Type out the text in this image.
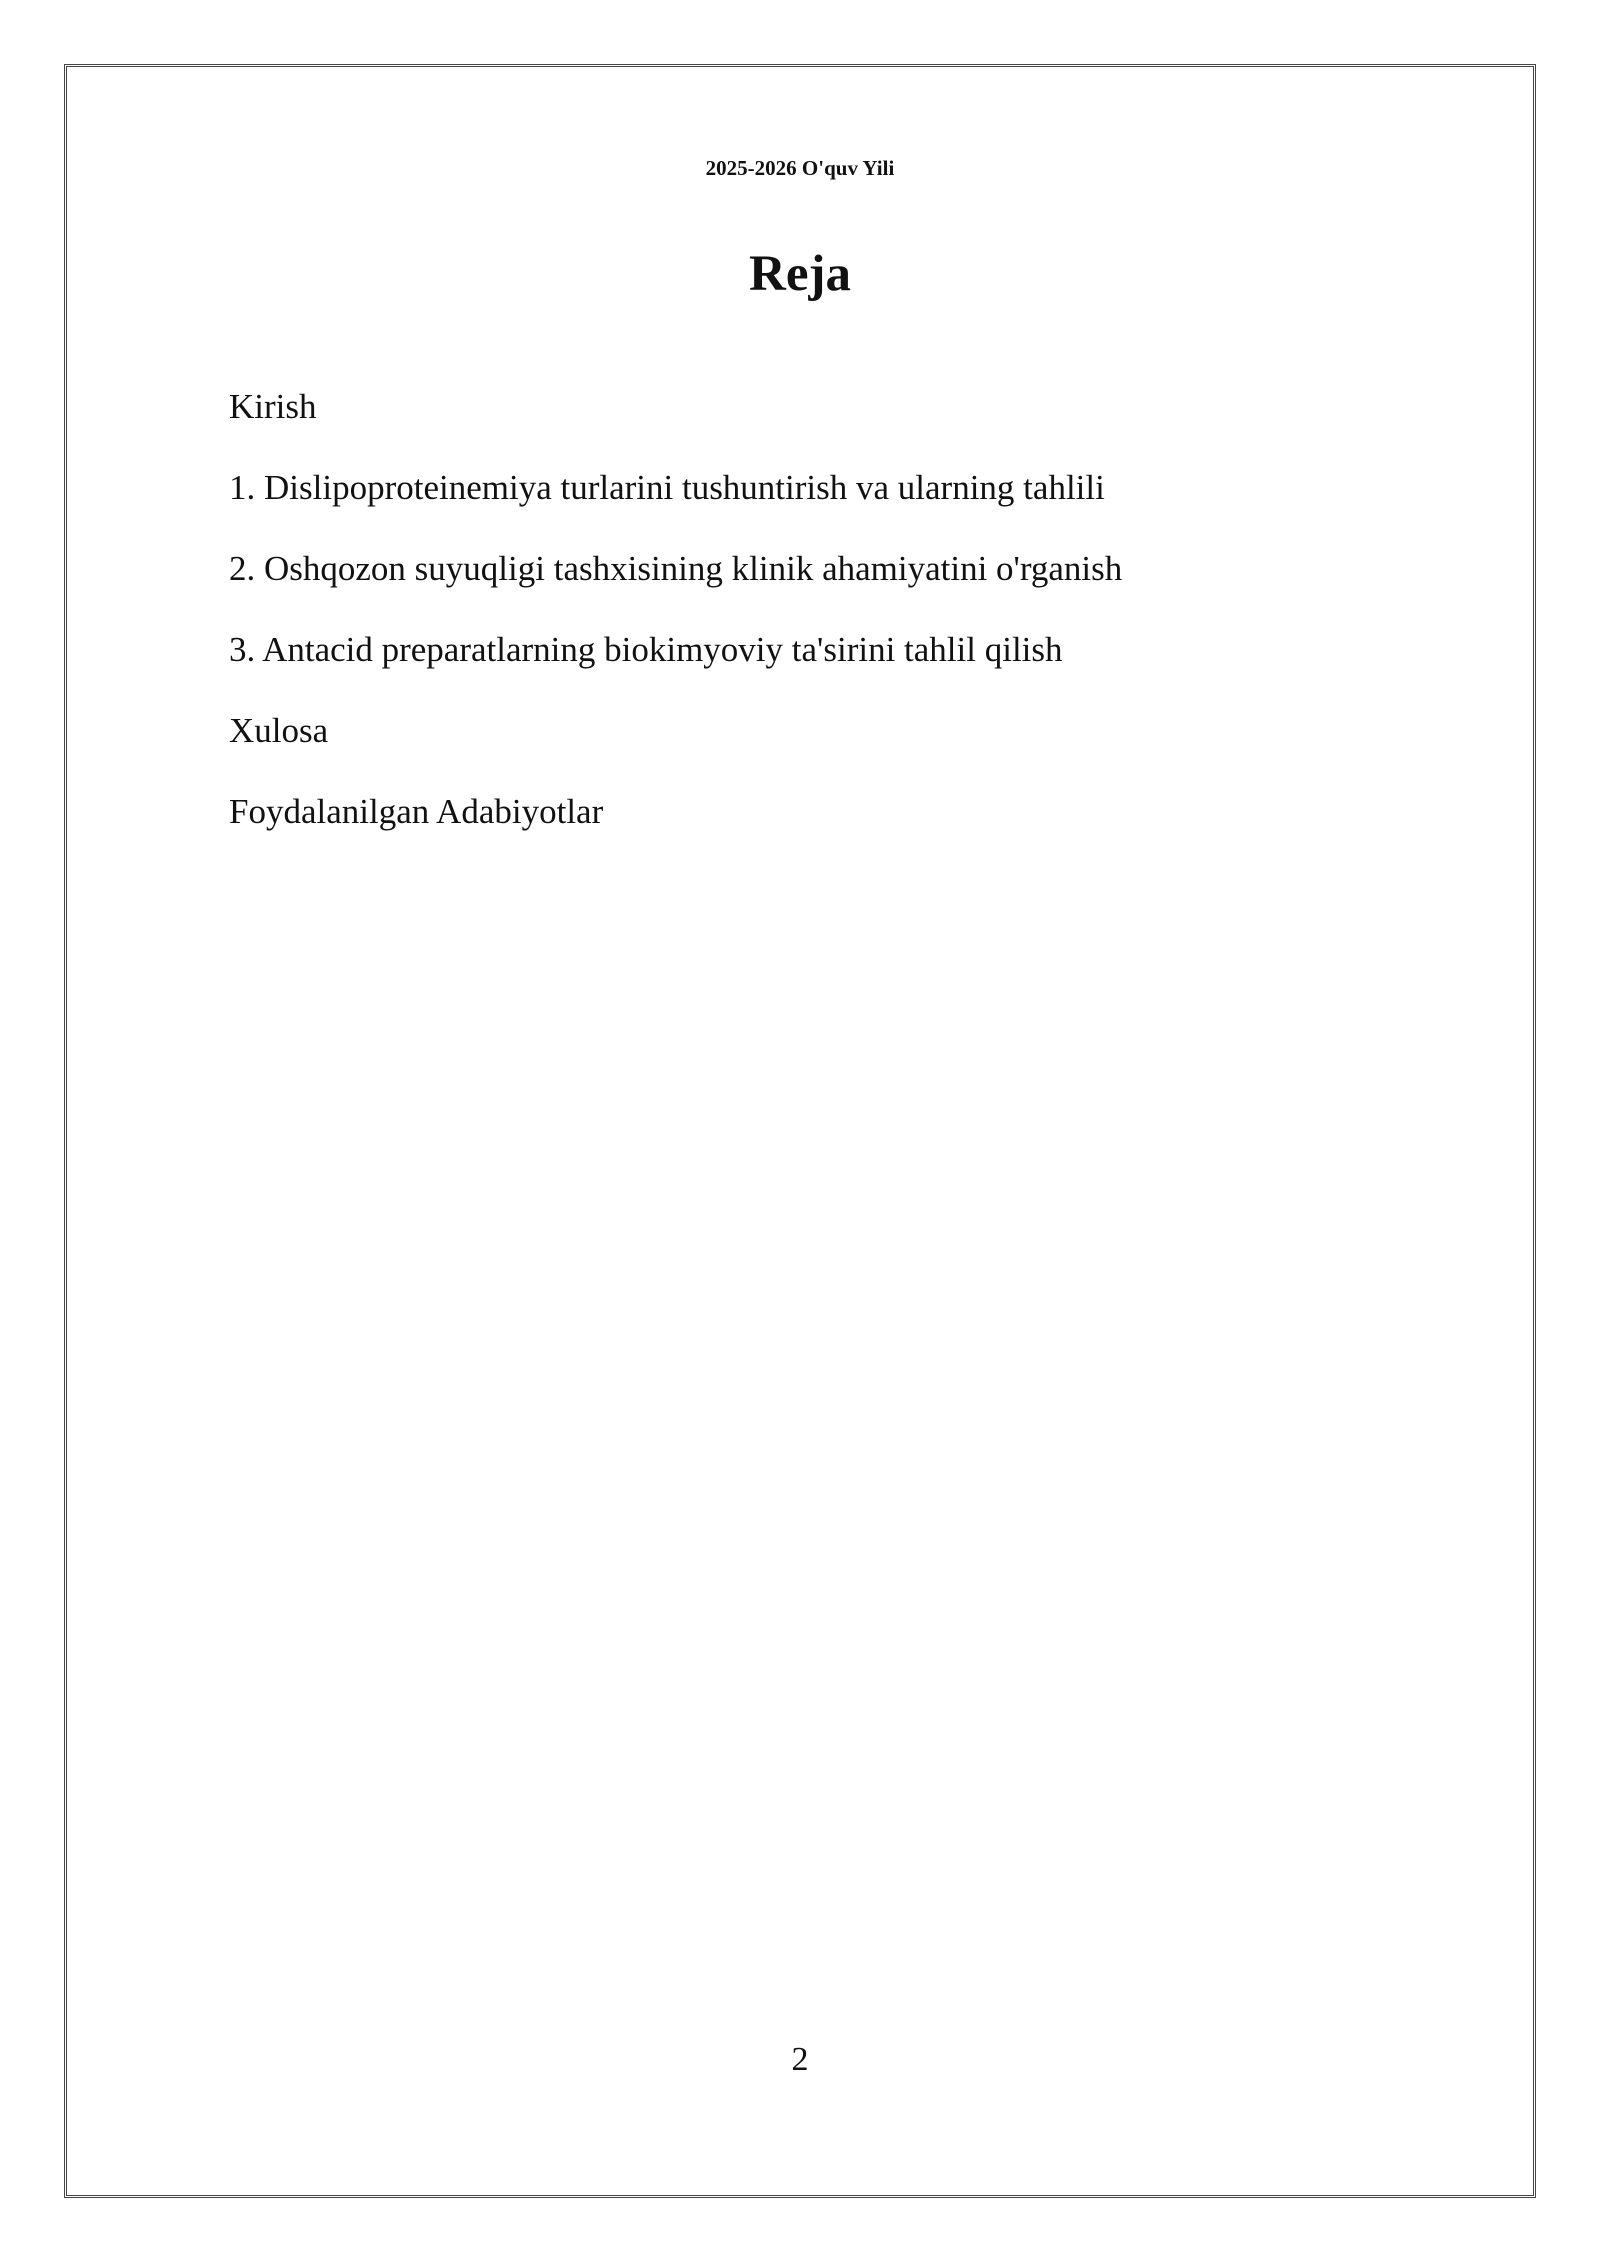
2025-2026 O'quv Yili

Reja
Kirish
1. Dislipoproteinemiya turlarini tushuntirish va ularning tahlili
2. Oshqozon suyuqligi tashxisining klinik ahamiyatini o'rganish
3. Antacid preparatlarning biokimyoviy ta'sirini tahlil qilish
Xulosa
Foydalanilgan Adabiyotlar

2
